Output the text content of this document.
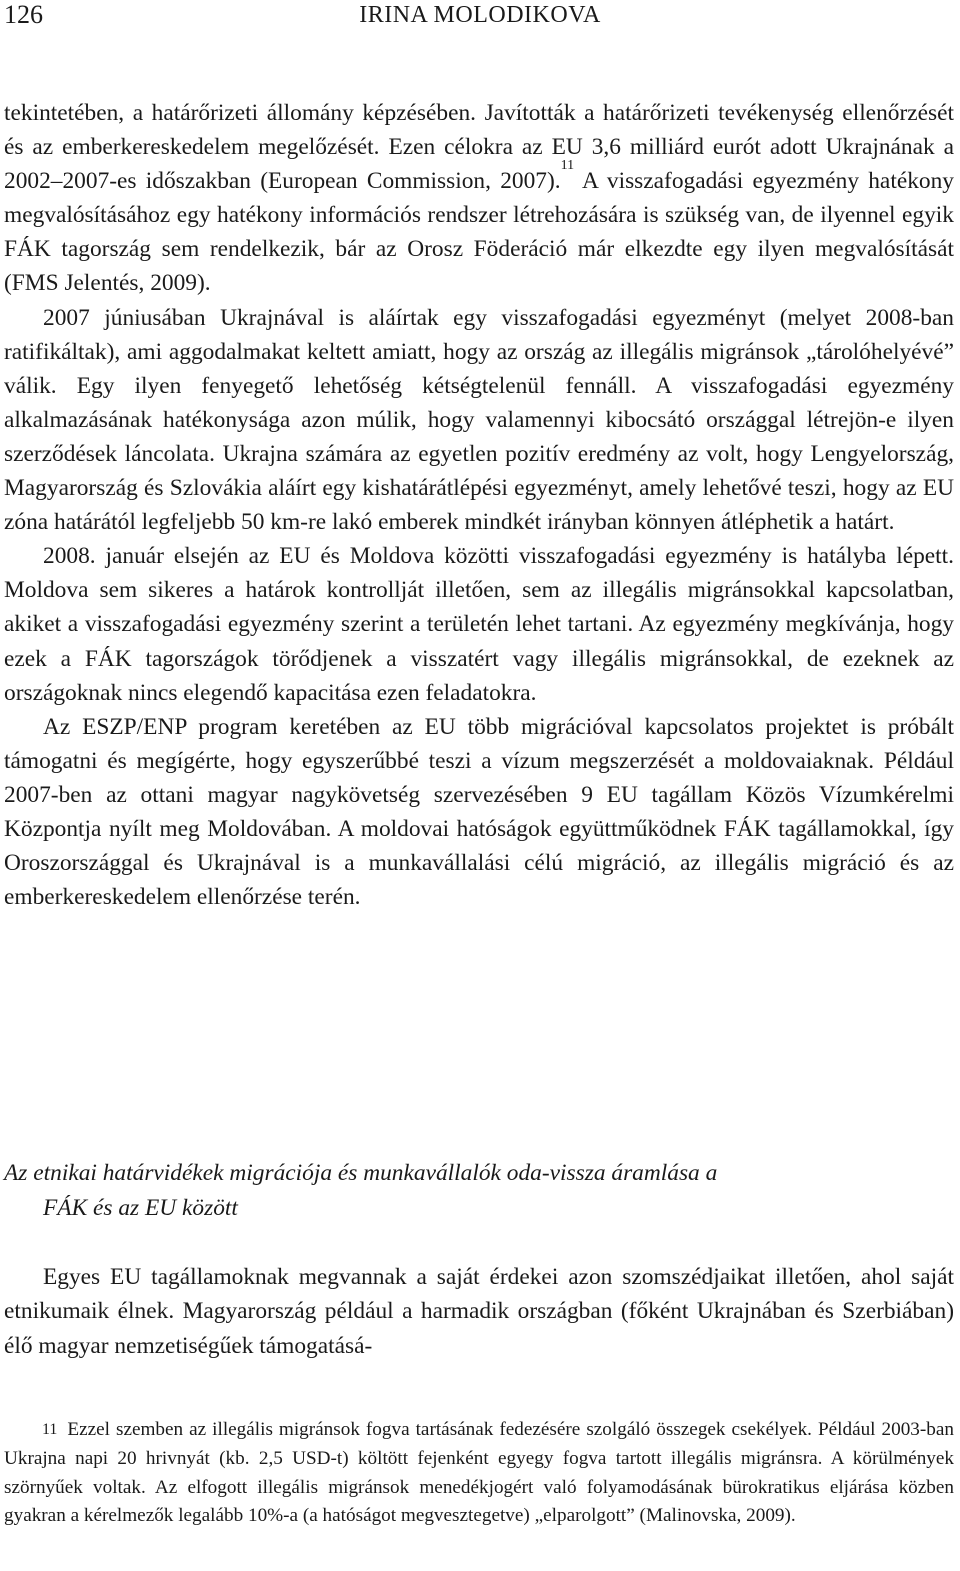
126	IRINA MOLODIKOVA

tekintetében, a határőrizeti állomány képzésében. Javították a határőrizeti tevékenység ellenőrzését és az emberkereskedelem megelőzését. Ezen célokra az EU 3,6 milliárd eurót adott Ukrajnának a 2002–2007-es időszakban (European Commission, 2007).$^{11}$ A visszafogadási egyezmény hatékony megvalósításához egy hatékony információs rendszer létrehozására is szükség van, de ilyennel egyik FÁK tagország sem rendelkezik, bár az Orosz Föderáció már elkezdte egy ilyen megvalósítását (FMS Jelentés, 2009).

2007 júniusában Ukrajnával is aláírtak egy visszafogadási egyezményt (melyet 2008-ban ratifikáltak), ami aggodalmakat keltett amiatt, hogy az ország az illegális migránsok „tárolóhelyévé” válik. Egy ilyen fenyegető lehetőség kétségtelenül fennáll. A visszafogadási egyezmény alkalmazásának hatékonysága azon múlik, hogy valamennyi kibocsátó országgal létrejön-e ilyen szerződések láncolata. Ukrajna számára az egyetlen pozitív eredmény az volt, hogy Lengyelország, Magyarország és Szlovákia aláírt egy kishatárátlépési egyezményt, amely lehetővé teszi, hogy az EU zóna határától legfeljebb 50 km-re lakó emberek mindkét irányban könnyen átléphetik a határt.

2008. január elsején az EU és Moldova közötti visszafogadási egyezmény is hatályba lépett. Moldova sem sikeres a határok kontrollját illetően, sem az illegális migránsokkal kapcsolatban, akiket a visszafogadási egyezmény szerint a területén lehet tartani. Az egyezmény megkívánja, hogy ezek a FÁK tagországok törődjenek a visszatért vagy illegális migránsokkal, de ezeknek az országoknak nincs elegendő kapacitása ezen feladatokra.

Az ESZP/ENP program keretében az EU több migrációval kapcsolatos projektet is próbált támogatni és megígérte, hogy egyszerűbbé teszi a vízum megszerzését a moldovaiaknak. Például 2007-ben az ottani magyar nagykövetség szervezésében 9 EU tagállam Közös Vízumkérelmi Központja nyílt meg Moldovában. A moldovai hatóságok együttműködnek FÁK tagállamokkal, így Oroszországgal és Ukrajnával is a munkavállalási célú migráció, az illegális migráció és az emberkereskedelem ellenőrzése terén.

Az etnikai határvidékek migrációja és munkavállalók oda-vissza áramlása a
FÁK és az EU között

Egyes EU tagállamoknak megvannak a saját érdekei azon szomszédjaikat illetően, ahol saját etnikumaik élnek. Magyarország például a harmadik országban (főként Ukrajnában és Szerbiában) élő magyar nemzetiségűek támogatásá-

$^{11}$ Ezzel szemben az illegális migránsok fogva tartásának fedezésére szolgáló összegek csekélyek. Például 2003-ban Ukrajna napi 20 hrivnyát (kb. 2,5 USD-t) költött fejenként egyegy fogva tartott illegális migránsra. A körülmények szörnyűek voltak. Az elfogott illegális migránsok menedékjogért való folyamodásának bürokratikus eljárása közben gyakran a kérelmezők legalább 10%-a (a hatóságot megvesztegetve) „elparolgott” (Malinovska, 2009).
